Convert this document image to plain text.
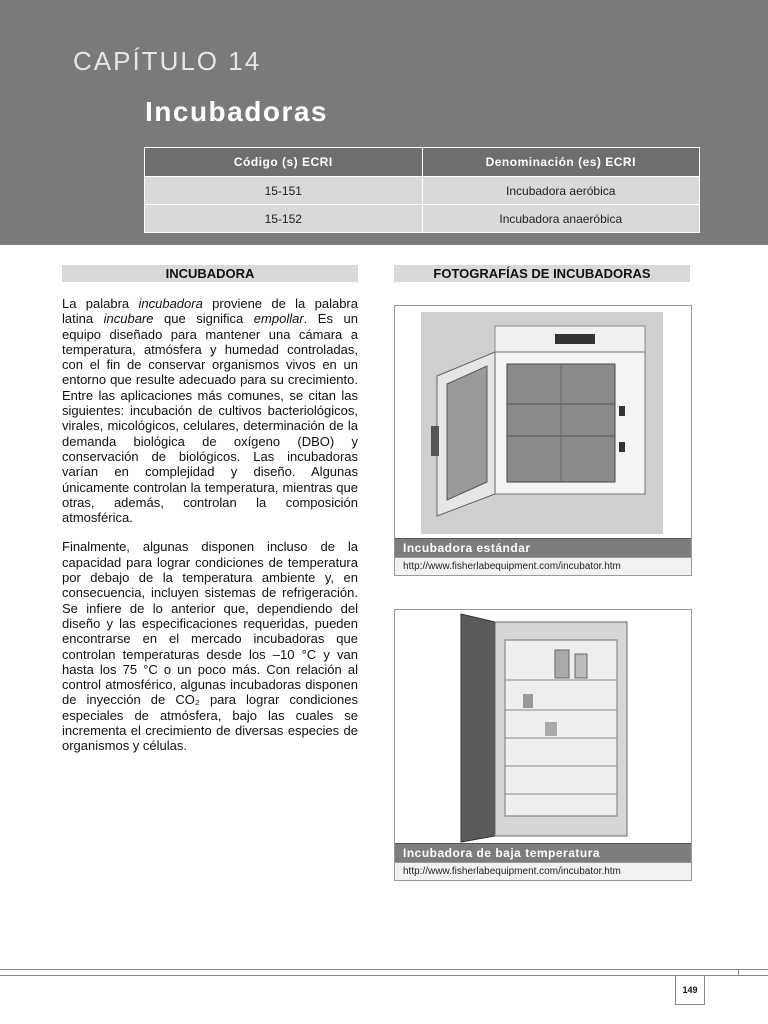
CAPÍTULO 14
Incubadoras
Código (s) ECRI	Denominación (es) ECRI
15-151	Incubadora aeróbica
15-152	Incubadora anaeróbica
INCUBADORA

La palabra incubadora proviene de la palabra latina incubare que significa empollar. Es un equipo diseñado para mantener una cámara a temperatura, atmósfera y humedad controladas, con el fin de conservar organismos vivos en un entorno que resulte adecuado para su crecimiento. Entre las aplicaciones más comunes, se citan las siguientes: incubación de cultivos bacteriológicos, virales, micológicos, celulares, determinación de la demanda biológica de oxígeno (DBO) y conservación de biológicos. Las incubadoras varían en complejidad y diseño. Algunas únicamente controlan la temperatura, mientras que otras, además, controlan la composición atmosférica.

Finalmente, algunas disponen incluso de la capacidad para lograr condiciones de temperatura por debajo de la temperatura ambiente y, en consecuencia, incluyen sistemas de refrigeración. Se infiere de lo anterior que, dependiendo del diseño y las especificaciones requeridas, pueden encontrarse en el mercado incubadoras que controlan temperaturas desde los –10 °C y van hasta los 75 °C o un poco más. Con relación al control atmosférico, algunas incubadoras disponen de inyección de CO₂ para lograr condiciones especiales de atmósfera, bajo las cuales se incrementa el crecimiento de diversas especies de organismos y células.

FOTOGRAFÍAS DE INCUBADORAS
Incubadora estándar
http://www.fisherlabequipment.com/incubator.htm
Incubadora de baja temperatura
http://www.fisherlabequipment.com/incubator.htm
149
